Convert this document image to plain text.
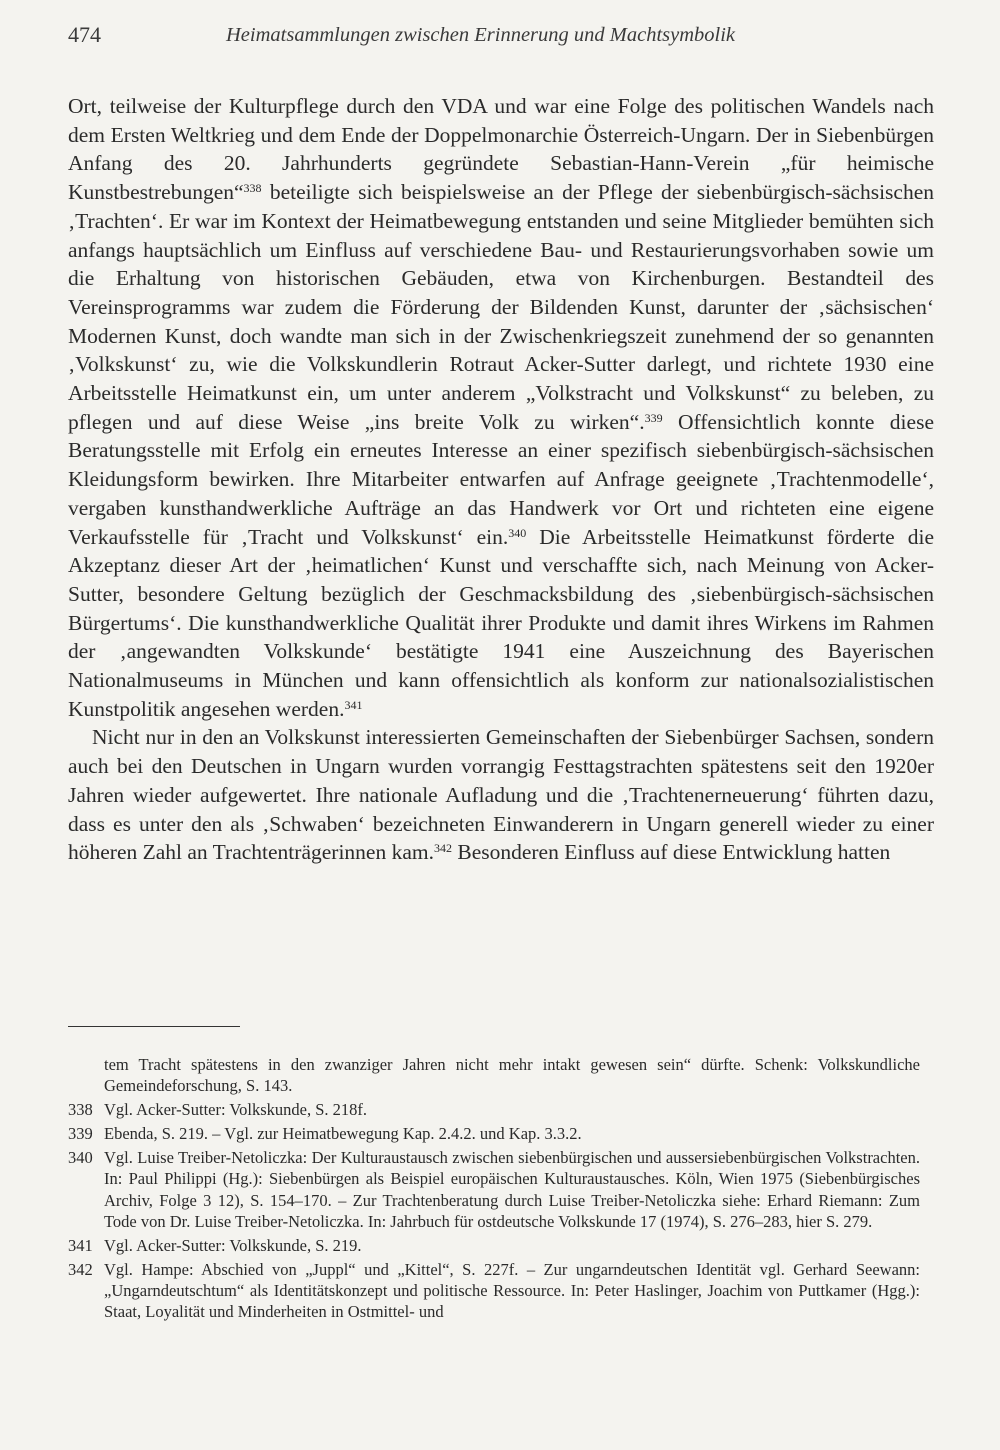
474	Heimatsammlungen zwischen Erinnerung und Machtsymbolik

Ort, teilweise der Kulturpflege durch den VDA und war eine Folge des politischen Wandels nach dem Ersten Weltkrieg und dem Ende der Doppelmonarchie Österreich-Ungarn. Der in Siebenbürgen Anfang des 20. Jahrhunderts gegründete Sebastian-Hann-Verein „für heimische Kunstbestrebungen“$^{338}$ beteiligte sich beispielsweise an der Pflege der siebenbürgisch-sächsischen ‚Trachten‘. Er war im Kontext der Heimatbewegung entstanden und seine Mitglieder bemühten sich anfangs hauptsächlich um Einfluss auf verschiedene Bau- und Restaurierungsvorhaben sowie um die Erhaltung von historischen Gebäuden, etwa von Kirchenburgen. Bestandteil des Vereinsprogramms war zudem die Förderung der Bildenden Kunst, darunter der ‚sächsischen‘ Modernen Kunst, doch wandte man sich in der Zwischenkriegszeit zunehmend der so genannten ‚Volkskunst‘ zu, wie die Volkskundlerin Rotraut Acker-Sutter darlegt, und richtete 1930 eine Arbeitsstelle Heimatkunst ein, um unter anderem „Volkstracht und Volkskunst“ zu beleben, zu pflegen und auf diese Weise „ins breite Volk zu wirken“.$^{339}$ Offensichtlich konnte diese Beratungsstelle mit Erfolg ein erneutes Interesse an einer spezifisch siebenbürgisch-sächsischen Kleidungsform bewirken. Ihre Mitarbeiter entwarfen auf Anfrage geeignete ‚Trachtenmodelle‘, vergaben kunsthandwerkliche Aufträge an das Handwerk vor Ort und richteten eine eigene Verkaufsstelle für ‚Tracht und Volkskunst‘ ein.$^{340}$ Die Arbeitsstelle Heimatkunst förderte die Akzeptanz dieser Art der ‚heimatlichen‘ Kunst und verschaffte sich, nach Meinung von Acker-Sutter, besondere Geltung bezüglich der Geschmacksbildung des ‚siebenbürgisch-sächsischen Bürgertums‘. Die kunsthandwerkliche Qualität ihrer Produkte und damit ihres Wirkens im Rahmen der ‚angewandten Volkskunde‘ bestätigte 1941 eine Auszeichnung des Bayerischen Nationalmuseums in München und kann offensichtlich als konform zur nationalsozialistischen Kunstpolitik angesehen werden.$^{341}$

Nicht nur in den an Volkskunst interessierten Gemeinschaften der Siebenbürger Sachsen, sondern auch bei den Deutschen in Ungarn wurden vorrangig Festtagstrachten spätestens seit den 1920er Jahren wieder aufgewertet. Ihre nationale Aufladung und die ‚Trachtenerneuerung‘ führten dazu, dass es unter den als ‚Schwaben‘ bezeichneten Einwanderern in Ungarn generell wieder zu einer höheren Zahl an Trachtenträgerinnen kam.$^{342}$ Besonderen Einfluss auf diese Entwicklung hatten

tem Tracht spätestens in den zwanziger Jahren nicht mehr intakt gewesen sein“ dürfte. Schenk: Volkskundliche Gemeindeforschung, S. 143.
338 Vgl. Acker-Sutter: Volkskunde, S. 218f.
339 Ebenda, S. 219. – Vgl. zur Heimatbewegung Kap. 2.4.2. und Kap. 3.3.2.
340 Vgl. Luise Treiber-Netoliczka: Der Kulturaustausch zwischen siebenbürgischen und aussersiebenbürgischen Volkstrachten. In: Paul Philippi (Hg.): Siebenbürgen als Beispiel europäischen Kulturaustausches. Köln, Wien 1975 (Siebenbürgisches Archiv, Folge 3 12), S. 154–170. – Zur Trachtenberatung durch Luise Treiber-Netoliczka siehe: Erhard Riemann: Zum Tode von Dr. Luise Treiber-Netoliczka. In: Jahrbuch für ostdeutsche Volkskunde 17 (1974), S. 276–283, hier S. 279.
341 Vgl. Acker-Sutter: Volkskunde, S. 219.
342 Vgl. Hampe: Abschied von „Juppl“ und „Kittel“, S. 227f. – Zur ungarndeutschen Identität vgl. Gerhard Seewann: „Ungarndeutschtum“ als Identitätskonzept und politische Ressource. In: Peter Haslinger, Joachim von Puttkamer (Hgg.): Staat, Loyalität und Minderheiten in Ostmittel- und
